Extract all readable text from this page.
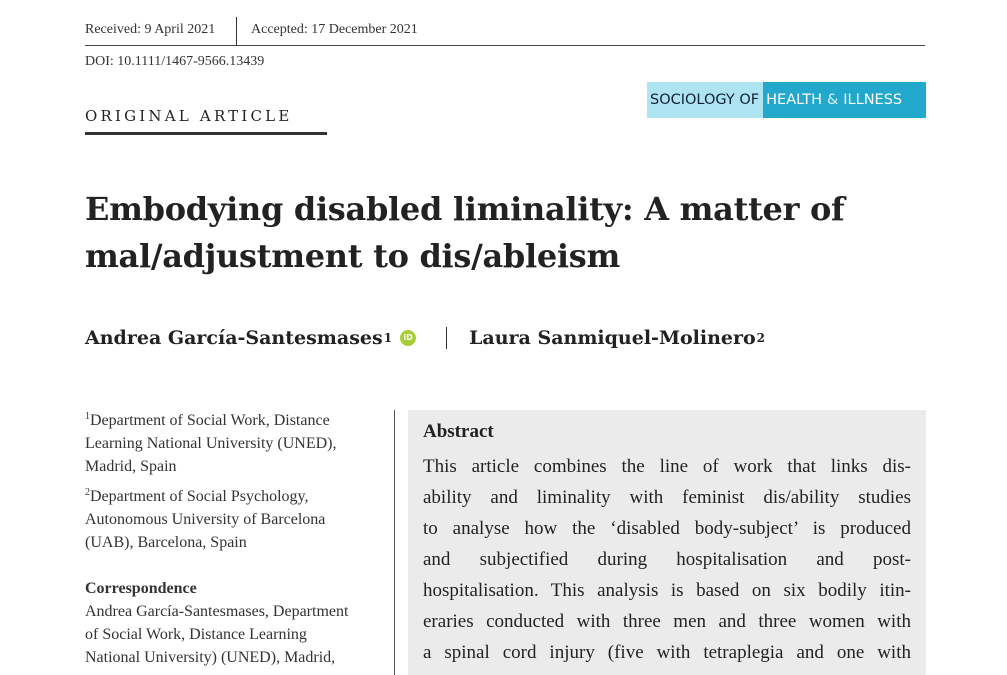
Received: 9 April 2021	Accepted: 17 December 2021
DOI: 10.1111/1467-9566.13439
ORIGINAL ARTICLE
SOCIOLOGY OF HEALTH & ILLNESS
Embodying disabled liminality: A matter of
mal/adjustment to dis/ableism
Andrea García-Santesmases 1	iD	Laura Sanmiquel-Molinero 2
$^1$Department of Social Work, Distance
Learning National University (UNED),
Madrid, Spain
$^2$Department of Social Psychology,
Autonomous University of Barcelona
(UAB), Barcelona, Spain
Correspondence
Andrea García-Santesmases, Department
of Social Work, Distance Learning
National University) (UNED), Madrid,
Abstract
This article combines the line of work that links dis-
ability and liminality with feminist dis/ability studies
to analyse how the ‘disabled body-subject’ is produced
and subjectified during hospitalisation and post-
hospitalisation. This analysis is based on six bodily itin-
eraries conducted with three men and three women with
a spinal cord injury (five with tetraplegia and one with
